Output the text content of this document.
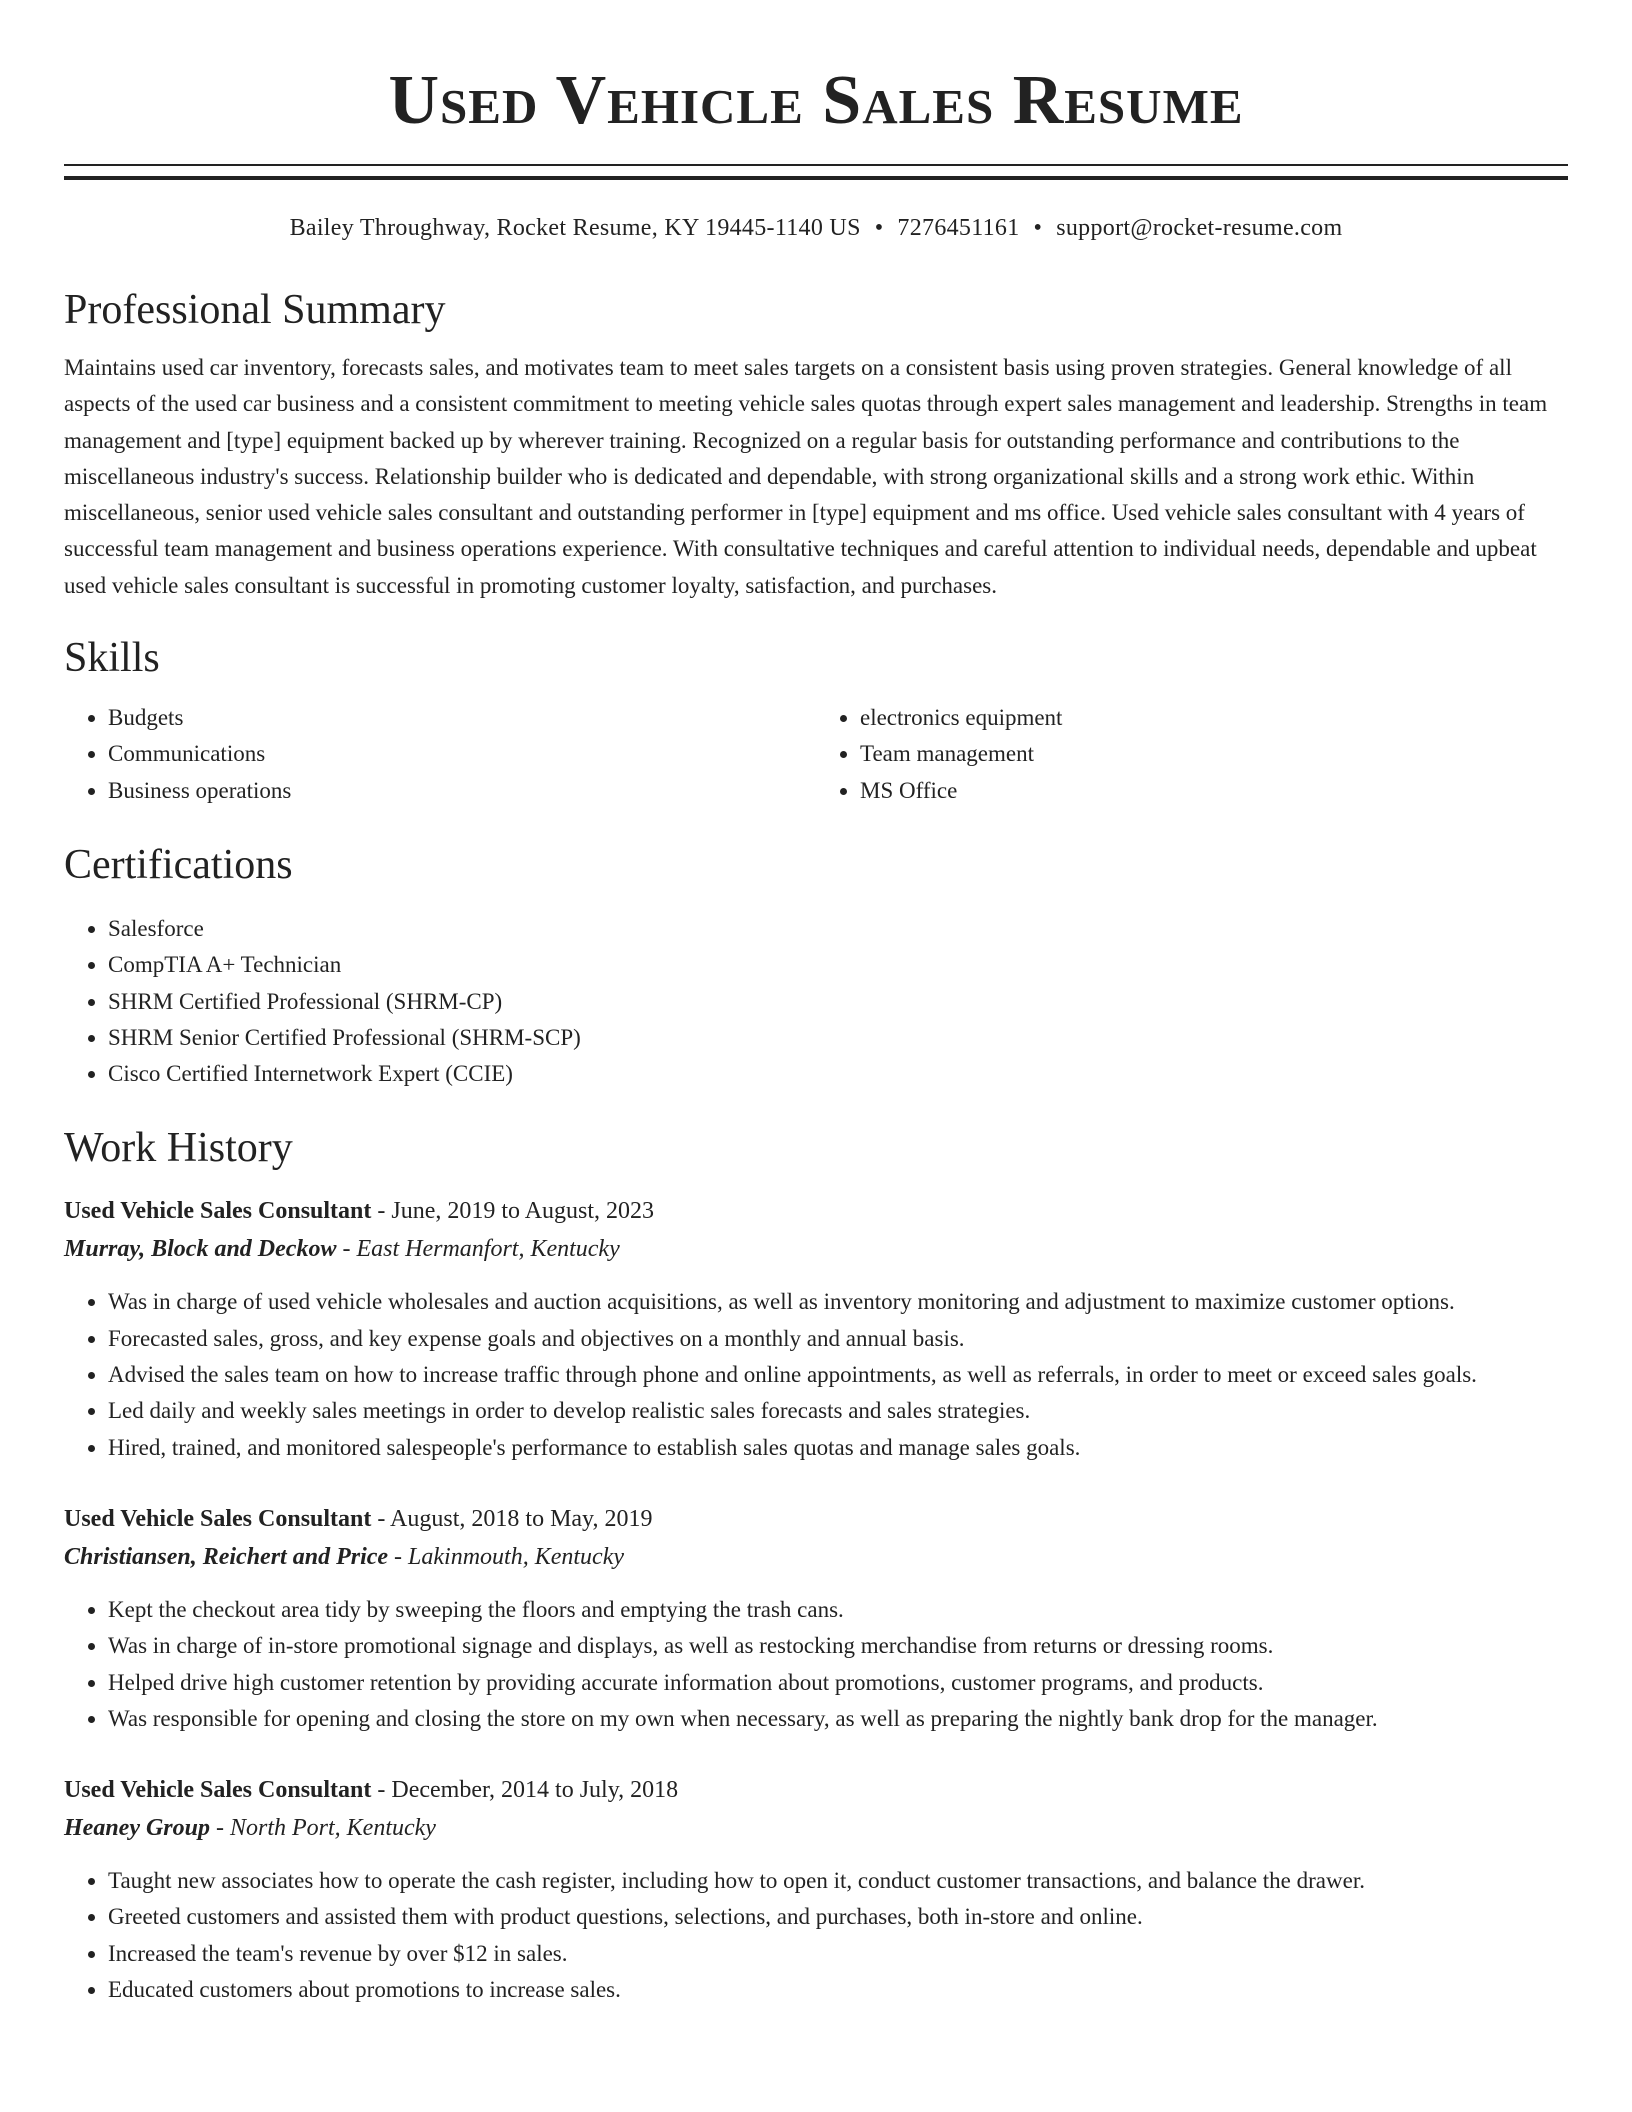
Used Vehicle Sales Resume
Bailey Throughway, Rocket Resume, KY 19445-1140 US • 7276451161 • support@rocket-resume.com
Professional Summary
Maintains used car inventory, forecasts sales, and motivates team to meet sales targets on a consistent basis using proven strategies. General knowledge of all aspects of the used car business and a consistent commitment to meeting vehicle sales quotas through expert sales management and leadership. Strengths in team management and [type] equipment backed up by wherever training. Recognized on a regular basis for outstanding performance and contributions to the miscellaneous industry's success. Relationship builder who is dedicated and dependable, with strong organizational skills and a strong work ethic. Within miscellaneous, senior used vehicle sales consultant and outstanding performer in [type] equipment and ms office. Used vehicle sales consultant with 4 years of successful team management and business operations experience. With consultative techniques and careful attention to individual needs, dependable and upbeat used vehicle sales consultant is successful in promoting customer loyalty, satisfaction, and purchases.
Skills
• Budgets
• Communications
• Business operations
• electronics equipment
• Team management
• MS Office
Certifications
• Salesforce
• CompTIA A+ Technician
• SHRM Certified Professional (SHRM-CP)
• SHRM Senior Certified Professional (SHRM-SCP)
• Cisco Certified Internetwork Expert (CCIE)
Work History
Used Vehicle Sales Consultant - June, 2019 to August, 2023
Murray, Block and Deckow - East Hermanfort, Kentucky
• Was in charge of used vehicle wholesales and auction acquisitions, as well as inventory monitoring and adjustment to maximize customer options.
• Forecasted sales, gross, and key expense goals and objectives on a monthly and annual basis.
• Advised the sales team on how to increase traffic through phone and online appointments, as well as referrals, in order to meet or exceed sales goals.
• Led daily and weekly sales meetings in order to develop realistic sales forecasts and sales strategies.
• Hired, trained, and monitored salespeople's performance to establish sales quotas and manage sales goals.
Used Vehicle Sales Consultant - August, 2018 to May, 2019
Christiansen, Reichert and Price - Lakinmouth, Kentucky
• Kept the checkout area tidy by sweeping the floors and emptying the trash cans.
• Was in charge of in-store promotional signage and displays, as well as restocking merchandise from returns or dressing rooms.
• Helped drive high customer retention by providing accurate information about promotions, customer programs, and products.
• Was responsible for opening and closing the store on my own when necessary, as well as preparing the nightly bank drop for the manager.
Used Vehicle Sales Consultant - December, 2014 to July, 2018
Heaney Group - North Port, Kentucky
• Taught new associates how to operate the cash register, including how to open it, conduct customer transactions, and balance the drawer.
• Greeted customers and assisted them with product questions, selections, and purchases, both in-store and online.
• Increased the team's revenue by over $12 in sales.
• Educated customers about promotions to increase sales.
